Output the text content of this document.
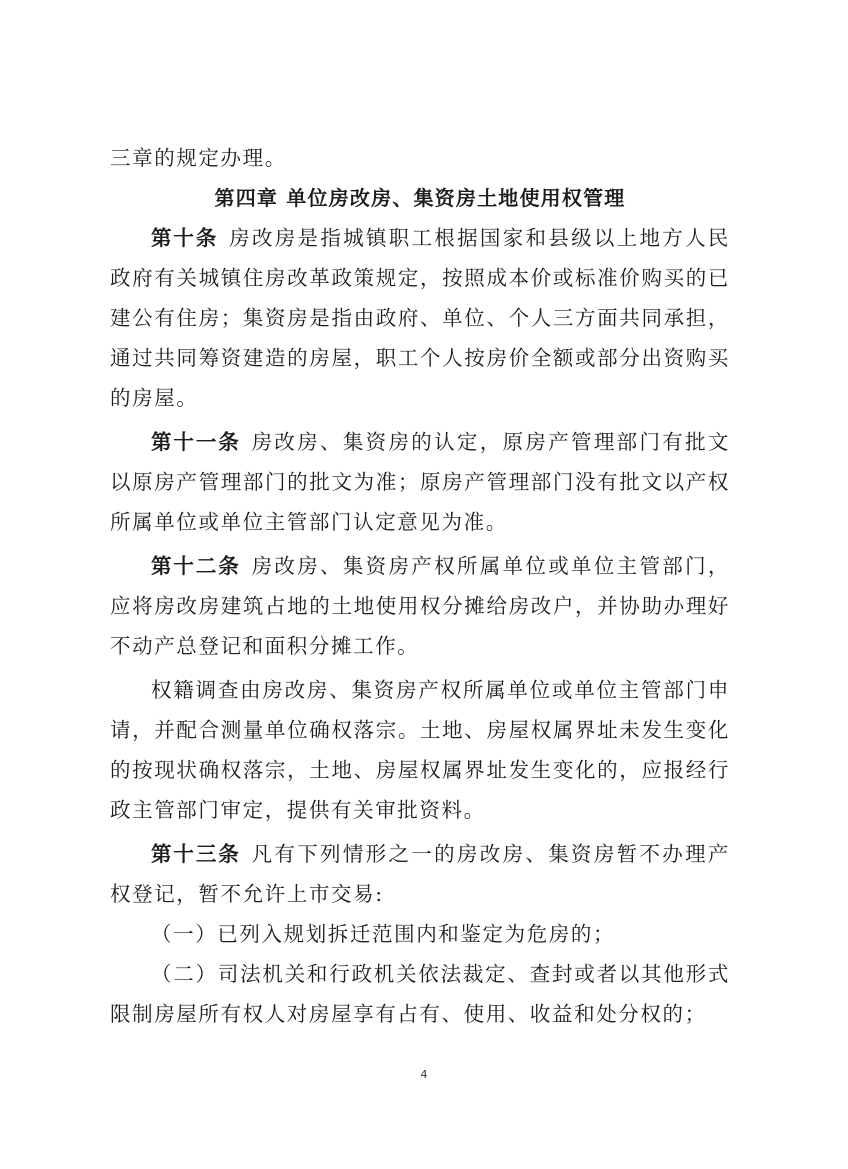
三章的规定办理。

第四章 单位房改房、集资房土地使用权管理

第十条 房改房是指城镇职工根据国家和县级以上地方人民政府有关城镇住房改革政策规定，按照成本价或标准价购买的已建公有住房；集资房是指由政府、单位、个人三方面共同承担，通过共同筹资建造的房屋，职工个人按房价全额或部分出资购买的房屋。

第十一条 房改房、集资房的认定，原房产管理部门有批文以原房产管理部门的批文为准；原房产管理部门没有批文以产权所属单位或单位主管部门认定意见为准。

第十二条 房改房、集资房产权所属单位或单位主管部门，应将房改房建筑占地的土地使用权分摊给房改户，并协助办理好不动产总登记和面积分摊工作。

权籍调查由房改房、集资房产权所属单位或单位主管部门申请，并配合测量单位确权落宗。土地、房屋权属界址未发生变化的按现状确权落宗，土地、房屋权属界址发生变化的，应报经行政主管部门审定，提供有关审批资料。

第十三条 凡有下列情形之一的房改房、集资房暂不办理产权登记，暂不允许上市交易:

（一）已列入规划拆迁范围内和鉴定为危房的；

（二）司法机关和行政机关依法裁定、查封或者以其他形式限制房屋所有权人对房屋享有占有、使用、收益和处分权的；

4
